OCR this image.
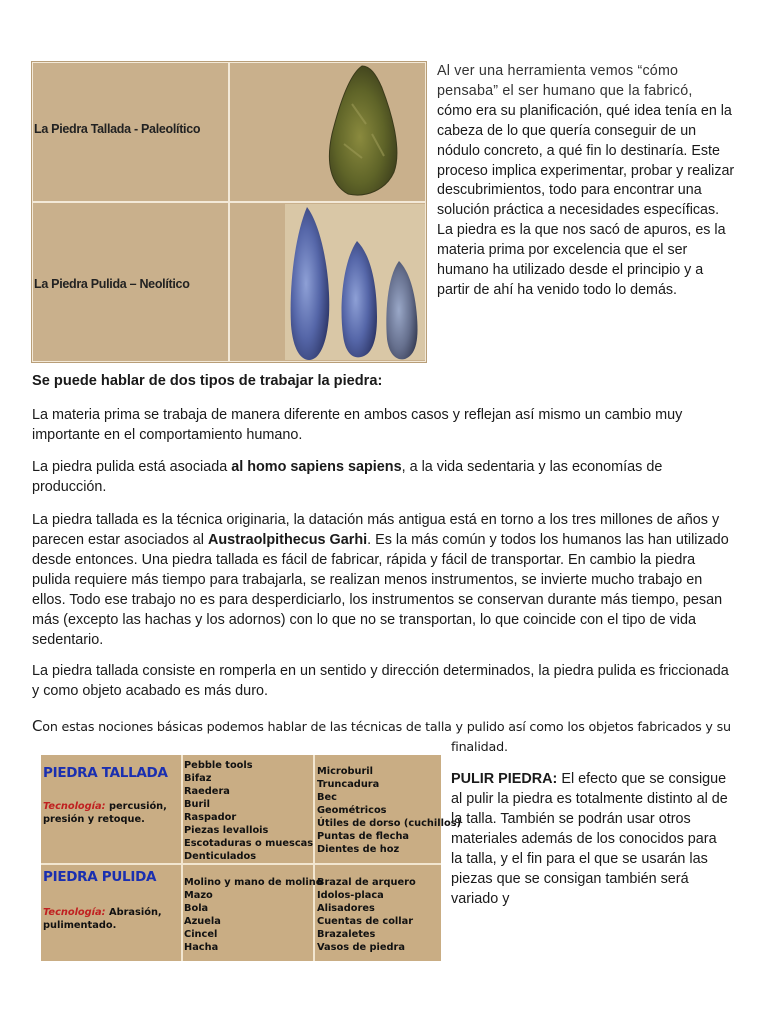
La Piedra Tallada - Paleolítico
La Piedra Pulida – Neolítico
Al ver una herramienta vemos “cómo
pensaba” el ser humano que la fabricó,
cómo era su planificación, qué idea tenía en la cabeza de lo que quería conseguir de un nódulo concreto, a qué fin lo destinaría. Este proceso implica experimentar, probar y realizar descubrimientos, todo para encontrar una solución práctica a necesidades específicas. La piedra es la que nos sacó de apuros, es la materia prima por excelencia que el ser humano ha utilizado desde el principio y a partir de ahí ha venido todo lo demás.
Se puede hablar de dos tipos de trabajar la piedra:
La materia prima se trabaja de manera diferente en ambos casos y reflejan así mismo un cambio muy importante en el comportamiento humano.
La piedra pulida está asociada al homo sapiens sapiens, a la vida sedentaria y las economías de producción.
La piedra tallada es la técnica originaria, la datación más antigua está en torno a los tres millones de años y parecen estar asociados al Austraolpithecus Garhi. Es la más común y todos los humanos las han utilizado desde entonces. Una piedra tallada es fácil de fabricar, rápida y fácil de transportar. En cambio la piedra pulida requiere más tiempo para trabajarla, se realizan menos instrumentos, se invierte mucho trabajo en ellos. Todo ese trabajo no es para desperdiciarlo, los instrumentos se conservan durante más tiempo, pesan más (excepto las hachas y los adornos) con lo que no se transportan, lo que coincide con el tipo de vida sedentario.
La piedra tallada consiste en romperla en un sentido y dirección determinados, la piedra pulida es friccionada y como objeto acabado es más duro.
Con estas nociones básicas podemos hablar de las técnicas de talla y pulido así como los objetos fabricados y su
finalidad.
PIEDRA TALLADA
Tecnología: percusión, presión y retoque.
Pebble tools
Bifaz
Raedera
Buril
Raspador
Piezas levallois
Escotaduras o muescas
Denticulados
Microburil
Truncadura
Bec
Geométricos
Útiles de dorso (cuchillos)
Puntas de flecha
Dientes de hoz
PIEDRA PULIDA
Tecnología: Abrasión, pulimentado.
Molino y mano de molino
Mazo
Bola
Azuela
Cincel
Hacha
Brazal de arquero
Idolos-placa
Alisadores
Cuentas de collar
Brazaletes
Vasos de piedra
PULIR PIEDRA: El efecto que se consigue al pulir la piedra es totalmente distinto al de la talla. También se podrán usar otros materiales además de los conocidos para la talla, y el fin para el que se usarán las piezas que se consigan también será variado y
